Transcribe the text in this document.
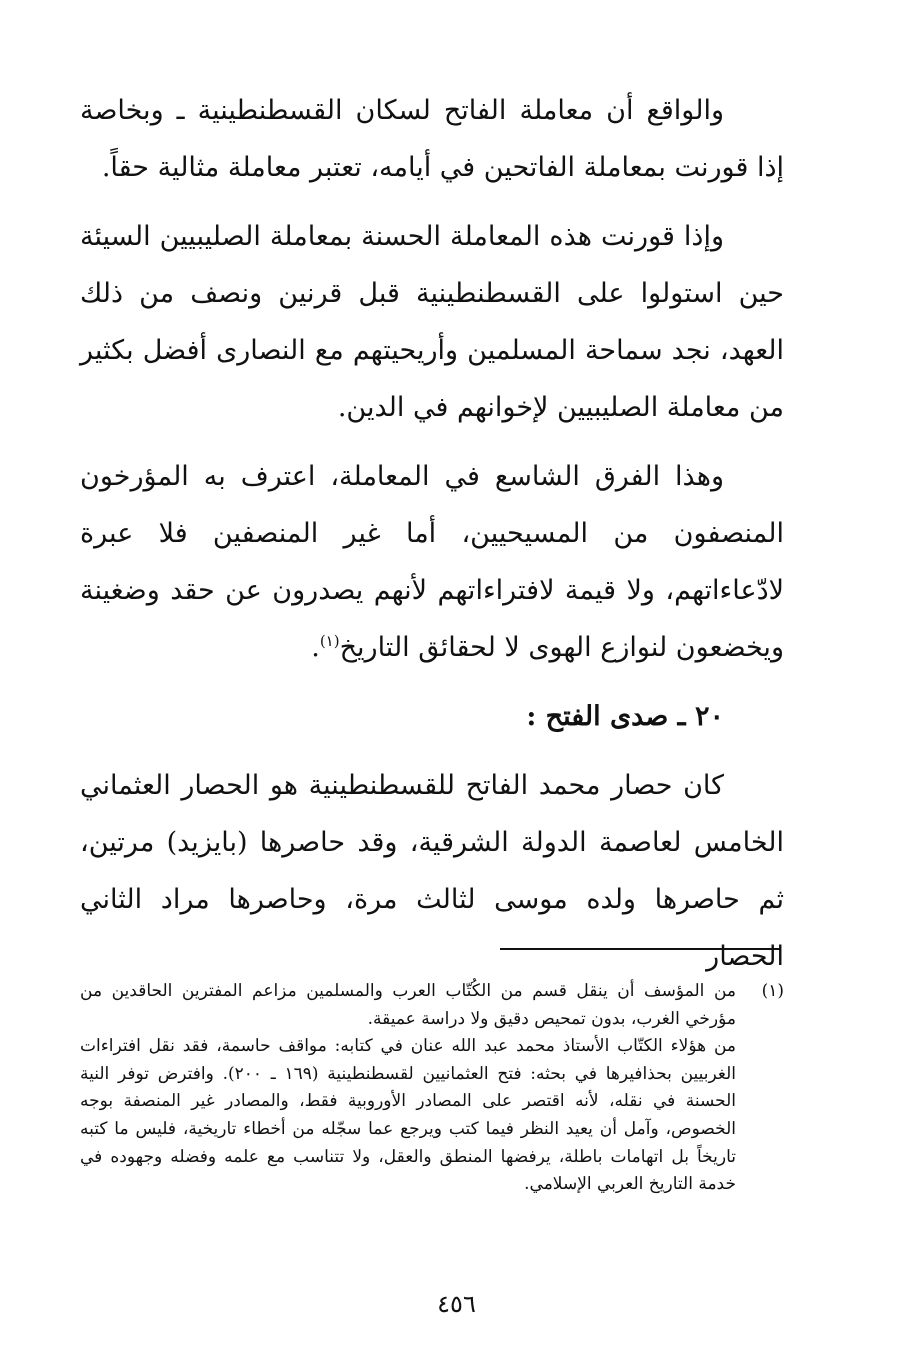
والواقع أن معاملة الفاتح لسكان القسطنطينية ـ وبخاصة إذا قورنت بمعاملة الفاتحين في أيامه، تعتبر معاملة مثالية حقاً.

وإذا قورنت هذه المعاملة الحسنة بمعاملة الصليبيين السيئة حين استولوا على القسطنطينية قبل قرنين ونصف من ذلك العهد، نجد سماحة المسلمين وأريحيتهم مع النصارى أفضل بكثير من معاملة الصليبيين لإخوانهم في الدين.

وهذا الفرق الشاسع في المعاملة، اعترف به المؤرخون المنصفون من المسيحيين، أما غير المنصفين فلا عبرة لادّعاءاتهم، ولا قيمة لافتراءاتهم لأنهم يصدرون عن حقد وضغينة ويخضعون لنوازع الهوى لا لحقائق التاريخ$^{(١)}$.

٢٠ ـ صدى الفتح :

كان حصار محمد الفاتح للقسطنطينية هو الحصار العثماني الخامس لعاصمة الدولة الشرقية، وقد حاصرها (بايزيد) مرتين، ثم حاصرها ولده موسى لثالث مرة، وحاصرها مراد الثاني الحصار

(١)

من المؤسف أن ينقل قسم من الكُتّاب العرب والمسلمين مزاعم المفترين الحاقدين من مؤرخي الغرب، بدون تمحيص دقيق ولا دراسة عميقة.

من هؤلاء الكتّاب الأستاذ محمد عبد الله عنان في كتابه: مواقف حاسمة، فقد نقل افتراءات الغربيين بحذافيرها في بحثه: فتح العثمانيين لقسطنطينية (١٦٩ ـ ٢٠٠). وافترض توفر النية الحسنة في نقله، لأنه اقتصر على المصادر الأوروبية فقط، والمصادر غير المنصفة بوجه الخصوص، وآمل أن يعيد النظر فيما كتب ويرجع عما سجّله من أخطاء تاريخية، فليس ما كتبه تاريخاً بل اتهامات باطلة، يرفضها المنطق والعقل، ولا تتناسب مع علمه وفضله وجهوده في خدمة التاريخ العربي الإسلامي.

٤٥٦
